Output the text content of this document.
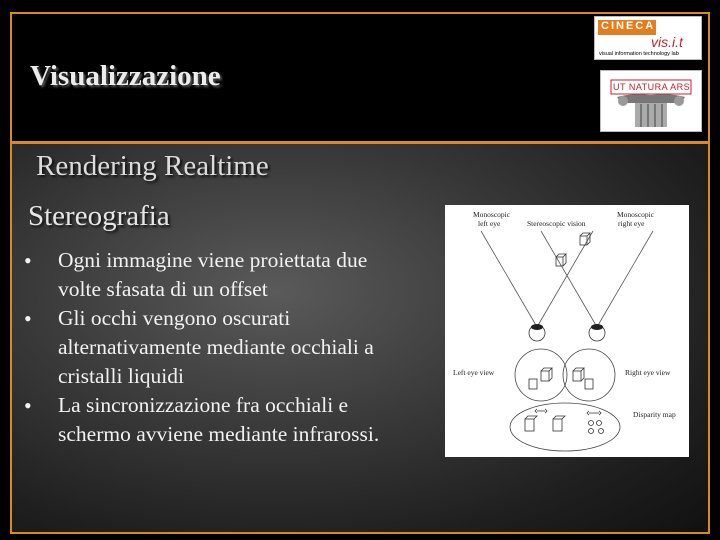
Visualizzazione
CINECA
vis.i.t
visual information technology lab
UT NATURA ARS
Rendering Realtime
Stereografia
• Ogni immagine viene proiettata due volte sfasata di un offset
• Gli occhi vengono oscurati alternativamente mediante occhiali a cristalli liquidi
• La sincronizzazione fra occhiali e schermo avviene mediante infrarossi.
Monoscopic
left eye	Stereoscopic vision
Monoscopic
right eye
Left eye view	Right eye view
Disparity map
